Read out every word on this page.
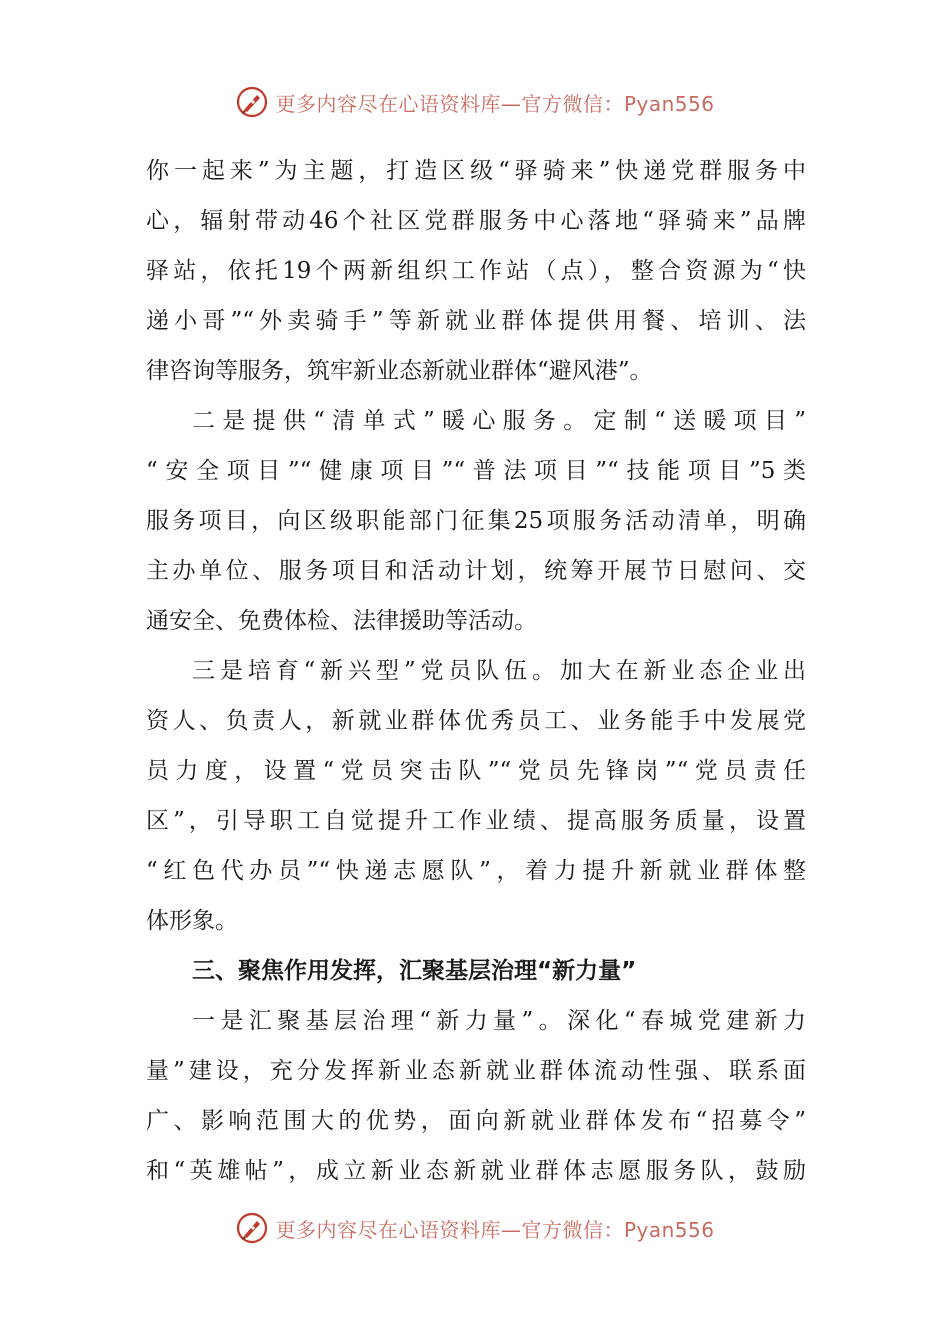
更多内容尽在心语资料库—官方微信：Pyan556
你一起来”为主题，打造区级“驿骑来”快递党群服务中
心，辐射带动46个社区党群服务中心落地“驿骑来”品牌
驿站，依托19个两新组织工作站（点），整合资源为“快
递小哥”“外卖骑手”等新就业群体提供用餐、培训、法
律咨询等服务，筑牢新业态新就业群体“避风港”。
二是提供“清单式”暖心服务。定制“送暖项目”
“安全项目”“健康项目”“普法项目”“技能项目”5类
服务项目，向区级职能部门征集25项服务活动清单，明确
主办单位、服务项目和活动计划，统筹开展节日慰问、交
通安全、免费体检、法律援助等活动。
三是培育“新兴型”党员队伍。加大在新业态企业出
资人、负责人，新就业群体优秀员工、业务能手中发展党
员力度，设置“党员突击队”“党员先锋岗”“党员责任
区”，引导职工自觉提升工作业绩、提高服务质量，设置
“红色代办员”“快递志愿队”，着力提升新就业群体整
体形象。
三、聚焦作用发挥，汇聚基层治理“新力量”
一是汇聚基层治理“新力量”。深化“春城党建新力
量”建设，充分发挥新业态新就业群体流动性强、联系面
广、影响范围大的优势，面向新就业群体发布“招募令”
和“英雄帖”，成立新业态新就业群体志愿服务队，鼓励
更多内容尽在心语资料库—官方微信：Pyan556
